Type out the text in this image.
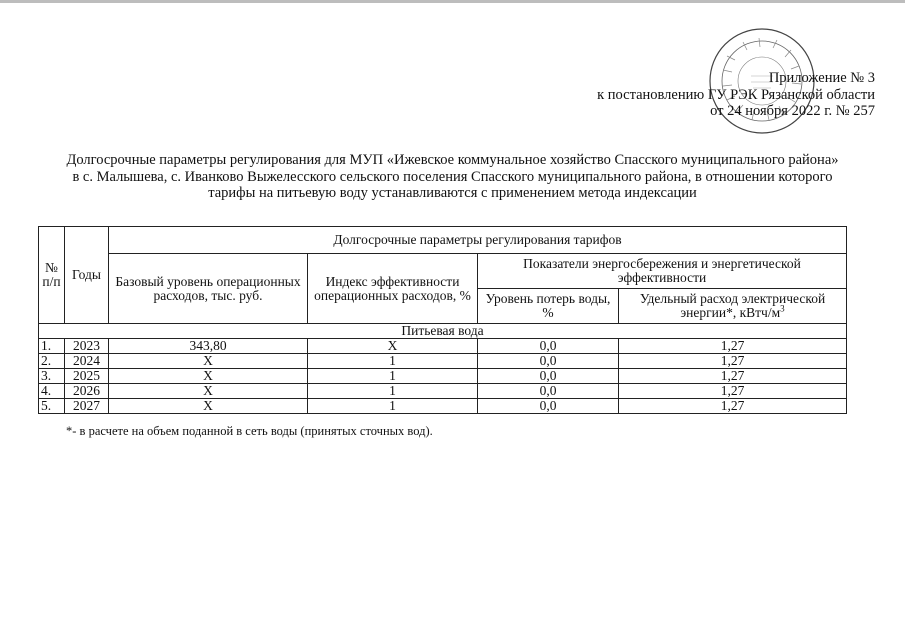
Приложение № 3
к постановлению ГУ РЭК Рязанской области
от 24 ноября 2022 г. № 257
Долгосрочные параметры регулирования для МУП «Ижевское коммунальное хозяйство Спасского муниципального района»
в с. Малышева, с. Иванково Выжелесского сельского поселения Спасского муниципального района, в отношении которого
тарифы на питьевую воду устанавливаются с применением метода индексации
№ п/п	Годы	Долгосрочные параметры регулирования тарифов			
		Базовый уровень операционных расходов, тыс. руб.	Индекс эффективности операционных расходов, %	Показатели энергосбережения и энергетической эффективности	
				Уровень потерь воды, %	Удельный расход электрической энергии*, кВтч/$м^3$
Питьевая вода					
1.	2023	343,80	Х	0,0	1,27
2.	2024	Х	1	0,0	1,27
3.	2025	Х	1	0,0	1,27
4.	2026	Х	1	0,0	1,27
5.	2027	Х	1	0,0	1,27
*- в расчете на объем поданной в сеть воды (принятых сточных вод).
